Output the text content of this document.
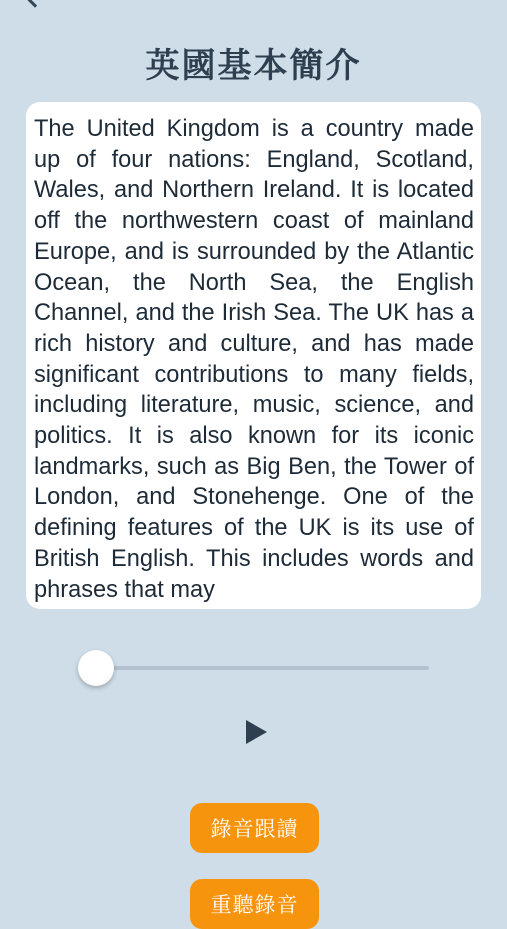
英國基本簡介

The United Kingdom is a country made up of four nations: England, Scotland, Wales, and Northern Ireland. It is located off the northwestern coast of mainland Europe, and is surrounded by the Atlantic Ocean, the North Sea, the English Channel, and the Irish Sea. The UK has a rich history and culture, and has made significant contributions to many fields, including literature, music, science, and politics. It is also known for its iconic landmarks, such as Big Ben, the Tower of London, and Stonehenge. One of the defining features of the UK is its use of British English. This includes words and phrases that may

錄音跟讀
重聽錄音
